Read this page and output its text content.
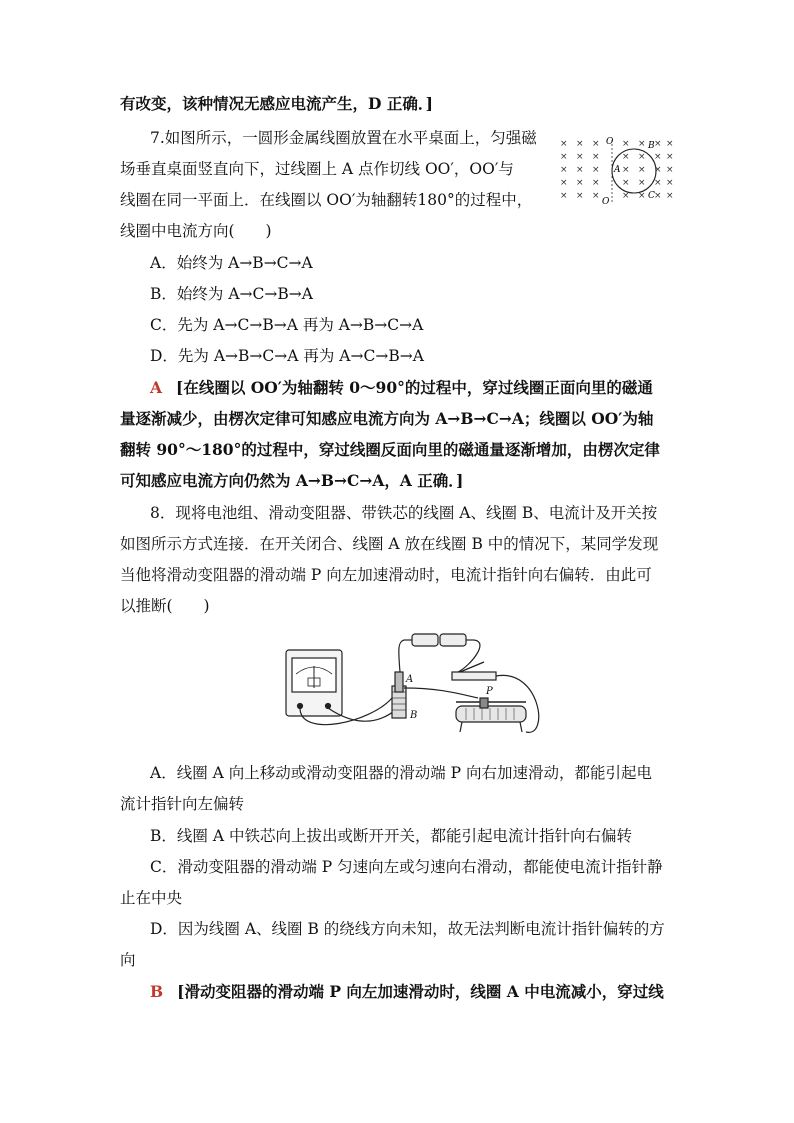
有改变，该种情况无感应电流产生，D 正确．]
7.如图所示，一圆形金属线圈放置在水平桌面上，匀强磁
场垂直桌面竖直向下，过线圈上 A 点作切线 OO′，OO′与
线圈在同一平面上．在线圈以 OO′为轴翻转180°的过程中，
线圈中电流方向(　　)
A．始终为 A→B→C→A
B．始终为 A→C→B→A
C．先为 A→C→B→A 再为 A→B→C→A
D．先为 A→B→C→A 再为 A→C→B→A
A [在线圈以 OO′为轴翻转 0～90°的过程中，穿过线圈正面向里的磁通
量逐渐减少，由楞次定律可知感应电流方向为 A→B→C→A；线圈以 OO′为轴
翻转 90°～180°的过程中，穿过线圈反面向里的磁通量逐渐增加，由楞次定律
可知感应电流方向仍然为 A→B→C→A，A 正确．]
8．现将电池组、滑动变阻器、带铁芯的线圈 A、线圈 B、电流计及开关按
如图所示方式连接．在开关闭合、线圈 A 放在线圈 B 中的情况下，某同学发现
当他将滑动变阻器的滑动端 P 向左加速滑动时，电流计指针向右偏转．由此可
以推断(　　)
A．线圈 A 向上移动或滑动变阻器的滑动端 P 向右加速滑动，都能引起电
流计指针向左偏转
B．线圈 A 中铁芯向上拔出或断开开关，都能引起电流计指针向右偏转
C．滑动变阻器的滑动端 P 匀速向左或匀速向右滑动，都能使电流计指针静
止在中央
D．因为线圈 A、线圈 B 的绕线方向未知，故无法判断电流计指针偏转的方
向
B [滑动变阻器的滑动端 P 向左加速滑动时，线圈 A 中电流减小，穿过线
× × × × × × ×
× × × × × × ×
× × × × × × ×
× × × × × × ×
× × × × × × ×
O
O
A
B
C
A
B
P
